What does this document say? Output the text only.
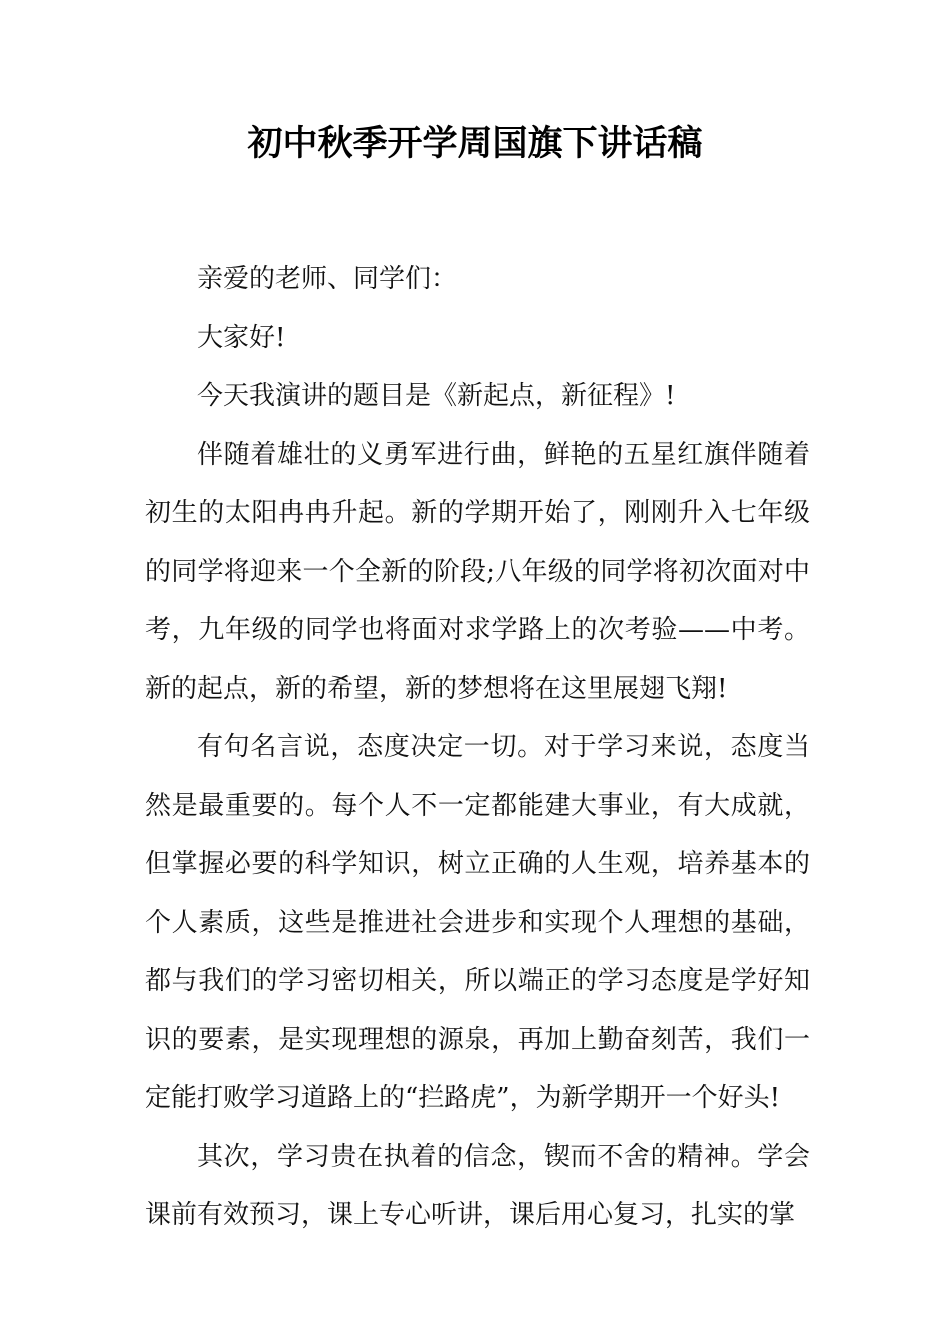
初中秋季开学周国旗下讲话稿

亲爱的老师、同学们：

大家好!

今天我演讲的题目是《新起点，新征程》!

伴随着雄壮的义勇军进行曲，鲜艳的五星红旗伴随着初生的太阳冉冉升起。新的学期开始了，刚刚升入七年级的同学将迎来一个全新的阶段;八年级的同学将初次面对中考，九年级的同学也将面对求学路上的次考验——中考。新的起点，新的希望，新的梦想将在这里展翅飞翔!

有句名言说，态度决定一切。对于学习来说，态度当然是最重要的。每个人不一定都能建大事业，有大成就，但掌握必要的科学知识，树立正确的人生观，培养基本的个人素质，这些是推进社会进步和实现个人理想的基础，都与我们的学习密切相关，所以端正的学习态度是学好知识的要素，是实现理想的源泉，再加上勤奋刻苦，我们一定能打败学习道路上的“拦路虎”，为新学期开一个好头!

其次，学习贵在执着的信念，锲而不舍的精神。学会课前有效预习，课上专心听讲，课后用心复习，扎实的掌
